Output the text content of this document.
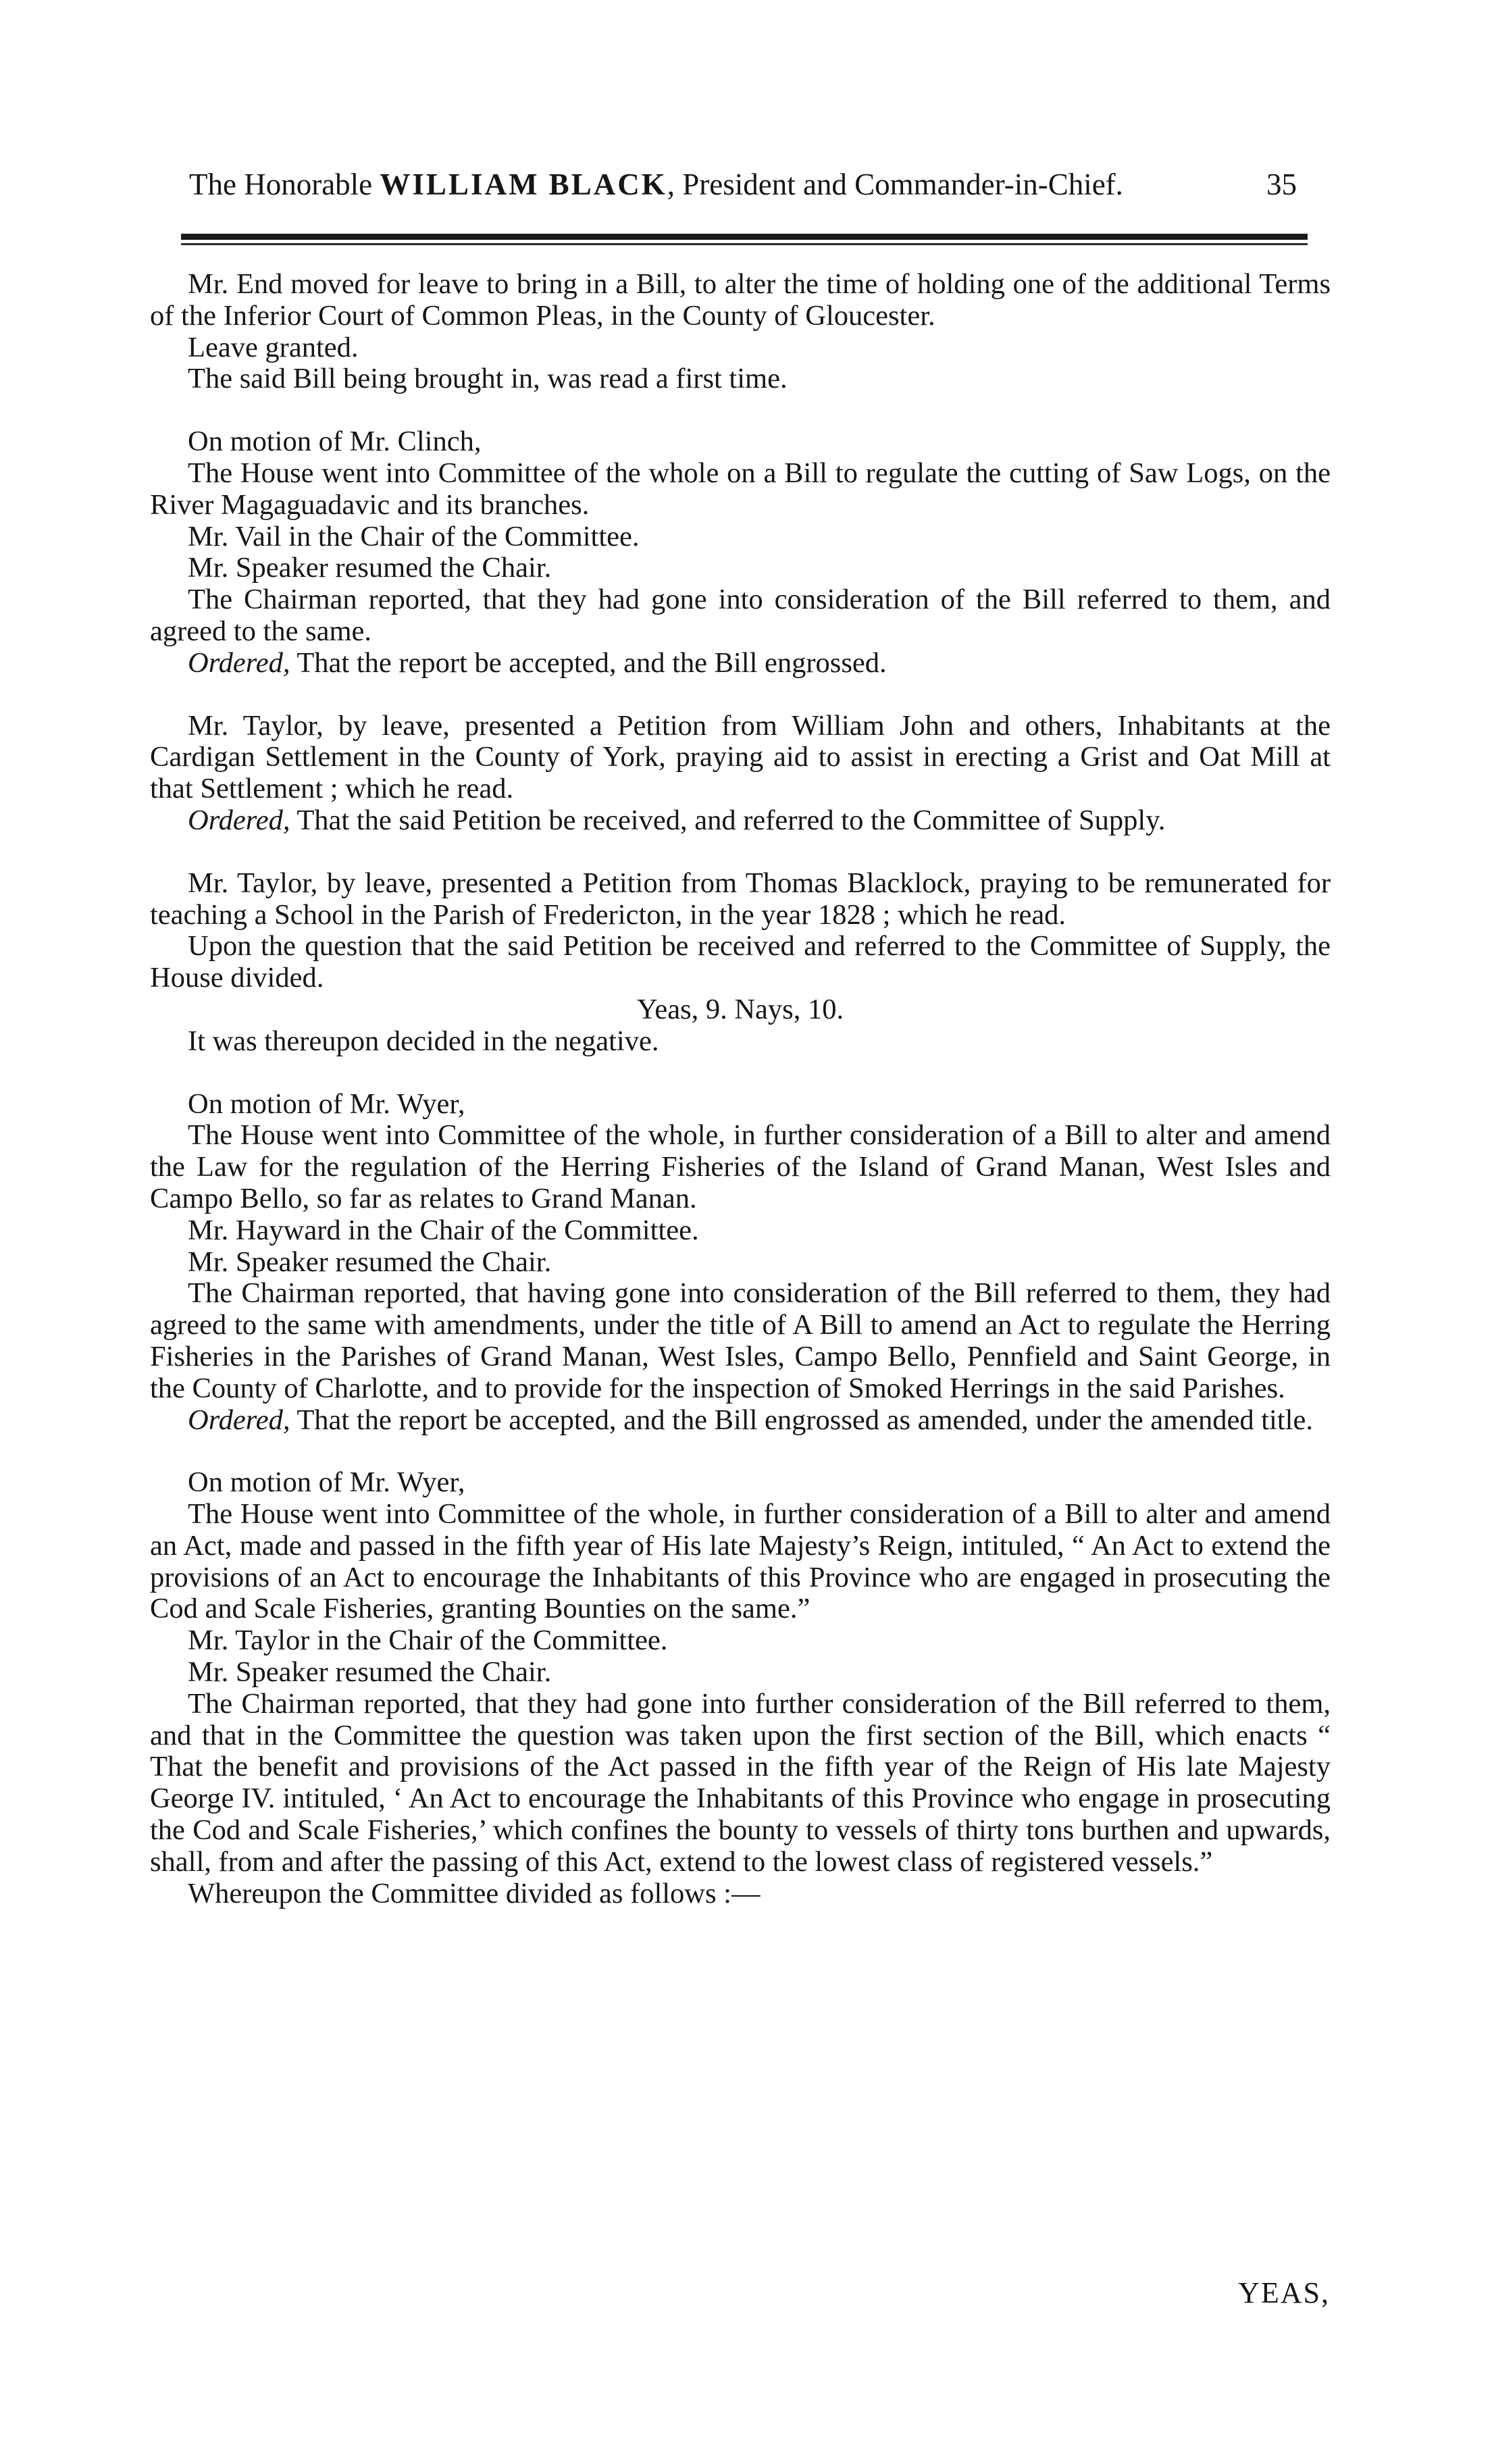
The Honorable WILLIAM BLACK, President and Commander-in-Chief.	35

Mr. End moved for leave to bring in a Bill, to alter the time of holding one of the additional Terms of the Inferior Court of Common Pleas, in the County of Gloucester.

Leave granted.

The said Bill being brought in, was read a first time.

On motion of Mr. Clinch,

The House went into Committee of the whole on a Bill to regulate the cutting of Saw Logs, on the River Magaguadavic and its branches.

Mr. Vail in the Chair of the Committee.

Mr. Speaker resumed the Chair.

The Chairman reported, that they had gone into consideration of the Bill referred to them, and agreed to the same.

Ordered, That the report be accepted, and the Bill engrossed.

Mr. Taylor, by leave, presented a Petition from William John and others, Inhabitants at the Cardigan Settlement in the County of York, praying aid to assist in erecting a Grist and Oat Mill at that Settlement ; which he read.

Ordered, That the said Petition be received, and referred to the Committee of Supply.

Mr. Taylor, by leave, presented a Petition from Thomas Blacklock, praying to be remunerated for teaching a School in the Parish of Fredericton, in the year 1828 ; which he read.

Upon the question that the said Petition be received and referred to the Committee of Supply, the House divided.

Yeas, 9. Nays, 10.

It was thereupon decided in the negative.

On motion of Mr. Wyer,

The House went into Committee of the whole, in further consideration of a Bill to alter and amend the Law for the regulation of the Herring Fisheries of the Island of Grand Manan, West Isles and Campo Bello, so far as relates to Grand Manan.

Mr. Hayward in the Chair of the Committee.

Mr. Speaker resumed the Chair.

The Chairman reported, that having gone into consideration of the Bill referred to them, they had agreed to the same with amendments, under the title of A Bill to amend an Act to regulate the Herring Fisheries in the Parishes of Grand Manan, West Isles, Campo Bello, Pennfield and Saint George, in the County of Charlotte, and to provide for the inspection of Smoked Herrings in the said Parishes.

Ordered, That the report be accepted, and the Bill engrossed as amended, under the amended title.

On motion of Mr. Wyer,

The House went into Committee of the whole, in further consideration of a Bill to alter and amend an Act, made and passed in the fifth year of His late Majesty’s Reign, intituled, “ An Act to extend the provisions of an Act to encourage the Inhabitants of this Province who are engaged in prosecuting the Cod and Scale Fisheries, granting Bounties on the same.”

Mr. Taylor in the Chair of the Committee.

Mr. Speaker resumed the Chair.

The Chairman reported, that they had gone into further consideration of the Bill referred to them, and that in the Committee the question was taken upon the first section of the Bill, which enacts “ That the benefit and provisions of the Act passed in the fifth year of the Reign of His late Majesty George IV. intituled, ‘ An Act to encourage the Inhabitants of this Province who engage in prosecuting the Cod and Scale Fisheries,’ which confines the bounty to vessels of thirty tons burthen and upwards, shall, from and after the passing of this Act, extend to the lowest class of registered vessels.”

Whereupon the Committee divided as follows :—

YEAS,
